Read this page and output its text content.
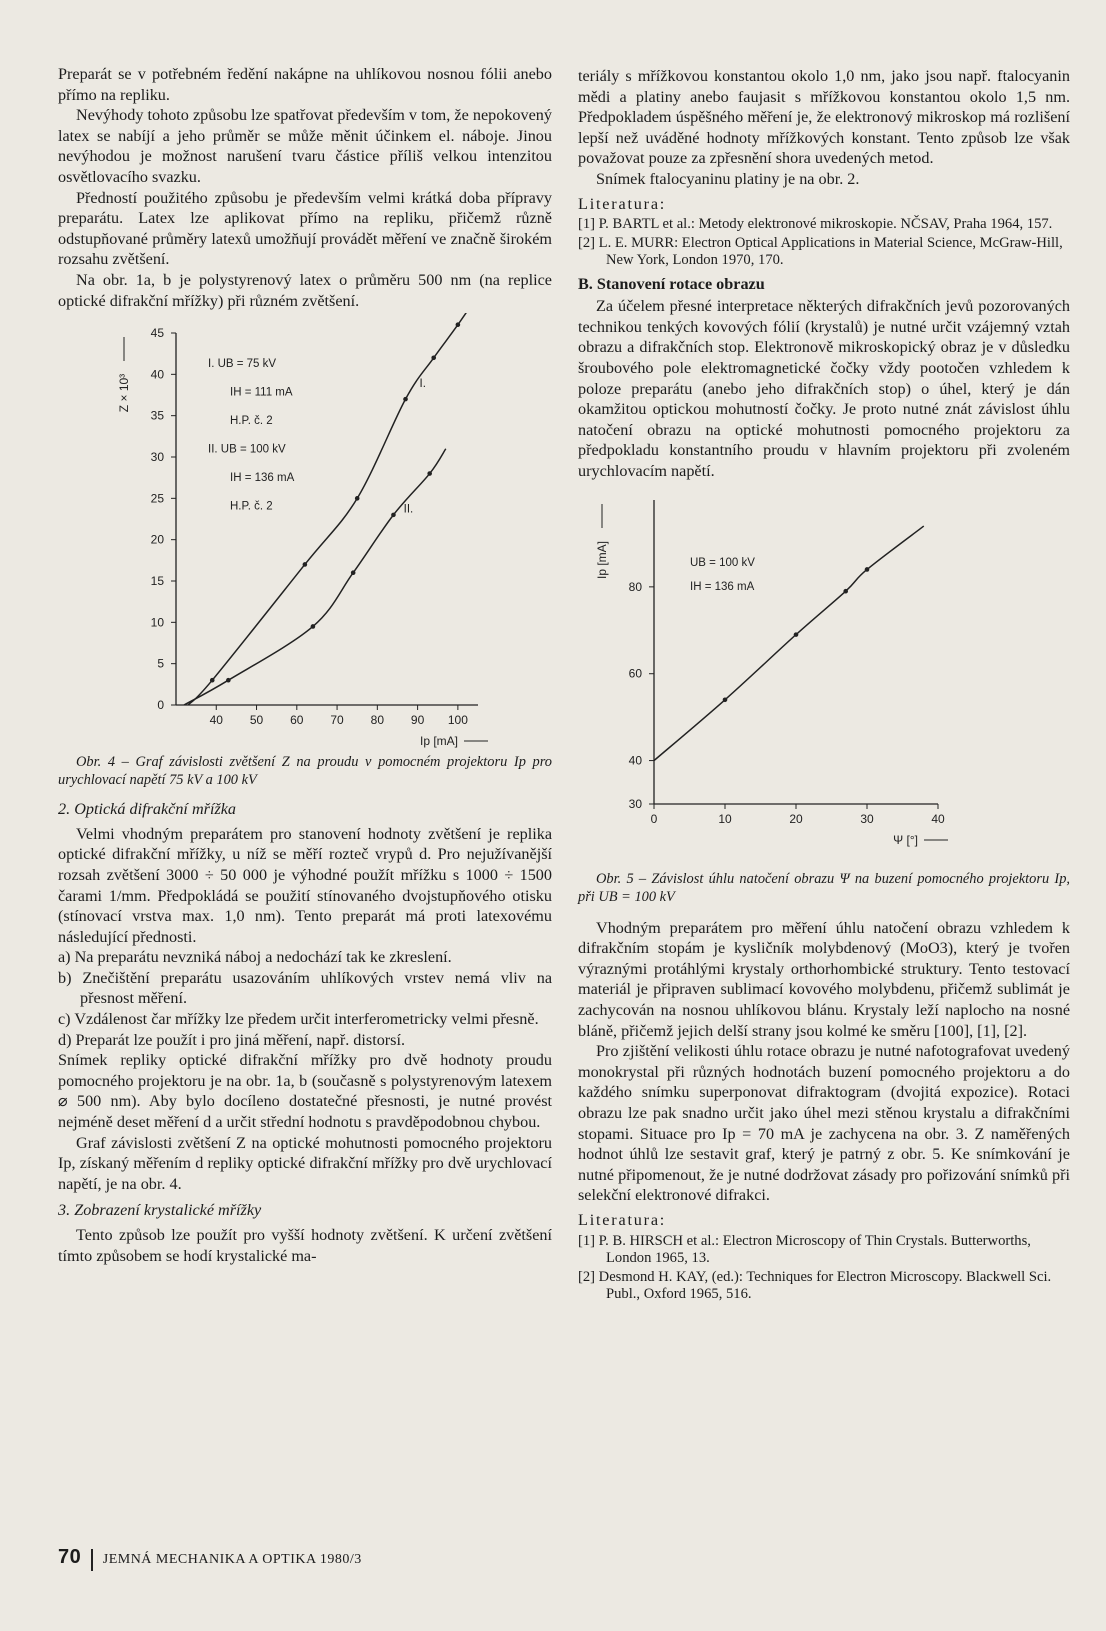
Preparát se v potřebném ředění nakápne na uhlíkovou nosnou fólii anebo přímo na repliku.

Nevýhody tohoto způsobu lze spatřovat především v tom, že nepokovený latex se nabíjí a jeho průměr se může měnit účinkem el. náboje. Jinou nevýhodou je možnost narušení tvaru částice příliš velkou intenzitou osvětlovacího svazku.

Předností použitého způsobu je především velmi krátká doba přípravy preparátu. Latex lze aplikovat přímo na repliku, přičemž různě odstupňované průměry latexů umožňují provádět měření ve značně širokém rozsahu zvětšení.

Na obr. 1a, b je polystyrenový latex o průměru 500 nm (na replice optické difrakční mřížky) při různém zvětšení.

40 50 60 70 80 90 100
0
5
10
15
20
25
30
35
40
45
Ip [mA]
Z × 10³
I. UB = 75 kV
IH = 111 mA
H.P. č. 2
II. UB = 100 kV
IH = 136 mA
H.P. č. 2
I.
II.

Obr. 4 – Graf závislosti zvětšení Z na proudu v pomocném projektoru Ip pro urychlovací napětí 75 kV a 100 kV

2. Optická difrakční mřížka

Velmi vhodným preparátem pro stanovení hodnoty zvětšení je replika optické difrakční mřížky, u níž se měří rozteč vrypů d. Pro nejužívanější rozsah zvětšení 3000 ÷ 50 000 je výhodné použít mřížku s 1000 ÷ 1500 čarami 1/mm. Předpokládá se použití stínovaného dvojstupňového otisku (stínovací vrstva max. 1,0 nm). Tento preparát má proti latexovému následující přednosti.

a) Na preparátu nevzniká náboj a nedochází tak ke zkreslení.

b) Znečištění preparátu usazováním uhlíkových vrstev nemá vliv na přesnost měření.

c) Vzdálenost čar mřížky lze předem určit interferometricky velmi přesně.

d) Preparát lze použít i pro jiná měření, např. distorsí.

Snímek repliky optické difrakční mřížky pro dvě hodnoty proudu pomocného projektoru je na obr. 1a, b (současně s polystyrenovým latexem ⌀ 500 nm). Aby bylo docíleno dostatečné přesnosti, je nutné provést nejméně deset měření d a určit střední hodnotu s pravděpodobnou chybou.

Graf závislosti zvětšení Z na optické mohutnosti pomocného projektoru Ip, získaný měřením d repliky optické difrakční mřížky pro dvě urychlovací napětí, je na obr. 4.

3. Zobrazení krystalické mřížky

Tento způsob lze použít pro vyšší hodnoty zvětšení. K určení zvětšení tímto způsobem se hodí krystalické ma-

teriály s mřížkovou konstantou okolo 1,0 nm, jako jsou např. ftalocyanin mědi a platiny anebo faujasit s mřížkovou konstantou okolo 1,5 nm. Předpokladem úspěšného měření je, že elektronový mikroskop má rozlišení lepší než uváděné hodnoty mřížkových konstant. Tento způsob lze však považovat pouze za zpřesnění shora uvedených metod.

Snímek ftalocyaninu platiny je na obr. 2.

Literatura:

[1] P. BARTL et al.: Metody elektronové mikroskopie. NČSAV, Praha 1964, 157.

[2] L. E. MURR: Electron Optical Applications in Material Science, McGraw-Hill, New York, London 1970, 170.

B. Stanovení rotace obrazu

Za účelem přesné interpretace některých difrakčních jevů pozorovaných technikou tenkých kovových fólií (krystalů) je nutné určit vzájemný vztah obrazu a difrakčních stop. Elektronově mikroskopický obraz je v důsledku šroubového pole elektromagnetické čočky vždy pootočen vzhledem k poloze preparátu (anebo jeho difrakčních stop) o úhel, který je dán okamžitou optickou mohutností čočky. Je proto nutné znát závislost úhlu natočení obrazu na optické mohutnosti pomocného projektoru za předpokladu konstantního proudu v hlavním projektoru při zvoleném urychlovacím napětí.

0	10	20	30	40
30
40
60
80
Ψ [°]
Ip [mA]	UB = 100 kV
IH = 136 mA

Obr. 5 – Závislost úhlu natočení obrazu Ψ na buzení pomocného projektoru Ip, při UB = 100 kV

Vhodným preparátem pro měření úhlu natočení obrazu vzhledem k difrakčním stopám je kysličník molybdenový (MoO3), který je tvořen výraznými protáhlými krystaly orthorhombické struktury. Tento testovací materiál je připraven sublimací kovového molybdenu, přičemž sublimát je zachycován na nosnou uhlíkovou blánu. Krystaly leží naplocho na nosné bláně, přičemž jejich delší strany jsou kolmé ke směru [100], [1], [2].

Pro zjištění velikosti úhlu rotace obrazu je nutné nafotografovat uvedený monokrystal při různých hodnotách buzení pomocného projektoru a do každého snímku superponovat difraktogram (dvojitá expozice). Rotaci obrazu lze pak snadno určit jako úhel mezi stěnou krystalu a difrakčními stopami. Situace pro Ip = 70 mA je zachycena na obr. 3. Z naměřených hodnot úhlů lze sestavit graf, který je patrný z obr. 5. Ke snímkování je nutné připomenout, že je nutné dodržovat zásady pro pořizování snímků při selekční elektronové difrakci.

Literatura:

[1] P. B. HIRSCH et al.: Electron Microscopy of Thin Crystals. Butterworths, London 1965, 13.

[2] Desmond H. KAY, (ed.): Techniques for Electron Microscopy. Blackwell Sci. Publ., Oxford 1965, 516.

70 JEMNÁ MECHANIKA A OPTIKA 1980/3
